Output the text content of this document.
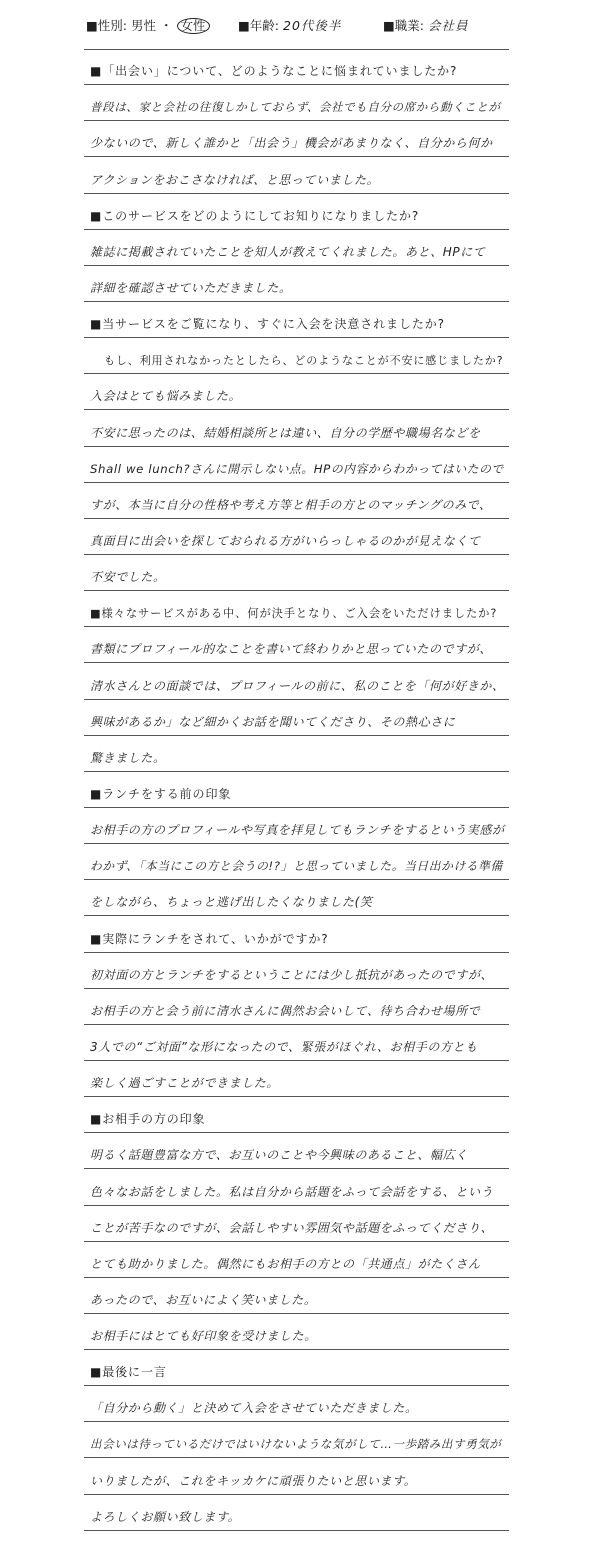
■性別: 男性 ・ 女性	■年齢: 20代後半	■職業: 会社員
■「出会い」について、どのようなことに悩まれていましたか?
普段は、家と会社の往復しかしておらず、会社でも自分の席から動くことが
少ないので、新しく誰かと「出会う」機会があまりなく、自分から何か
アクションをおこさなければ、と思っていました。
■このサービスをどのようにしてお知りになりましたか?
雑誌に掲載されていたことを知人が教えてくれました。あと、HPにて
詳細を確認させていただきました。
■当サービスをご覧になり、すぐに入会を決意されましたか?
もし、利用されなかったとしたら、どのようなことが不安に感じましたか?
入会はとても悩みました。
不安に思ったのは、結婚相談所とは違い、自分の学歴や職場名などを
Shall we lunch?さんに開示しない点。HPの内容からわかってはいたので
すが、本当に自分の性格や考え方等と相手の方とのマッチングのみで、
真面目に出会いを探しておられる方がいらっしゃるのかが見えなくて
不安でした。
■様々なサービスがある中、何が決手となり、ご入会をいただけましたか?
書類にプロフィール的なことを書いて終わりかと思っていたのですが、
清水さんとの面談では、プロフィールの前に、私のことを「何が好きか、
興味があるか」など細かくお話を聞いてくださり、その熱心さに
驚きました。
■ランチをする前の印象
お相手の方のプロフィールや写真を拝見してもランチをするという実感が
わかず、「本当にこの方と会うの!?」と思っていました。当日出かける準備
をしながら、ちょっと逃げ出したくなりました(笑
■実際にランチをされて、いかがですか?
初対面の方とランチをするということには少し抵抗があったのですが、
お相手の方と会う前に清水さんに偶然お会いして、待ち合わせ場所で
3人での“ご対面”な形になったので、緊張がほぐれ、お相手の方とも
楽しく過ごすことができました。
■お相手の方の印象
明るく話題豊富な方で、お互いのことや今興味のあること、幅広く
色々なお話をしました。私は自分から話題をふって会話をする、という
ことが苦手なのですが、会話しやすい雰囲気や話題をふってくださり、
とても助かりました。偶然にもお相手の方との「共通点」がたくさん
あったので、お互いによく笑いました。
お相手にはとても好印象を受けました。
■最後に一言
「自分から動く」と決めて入会をさせていただきました。
出会いは待っているだけではいけないような気がして…一歩踏み出す勇気が
いりましたが、これをキッカケに頑張りたいと思います。
よろしくお願い致します。
